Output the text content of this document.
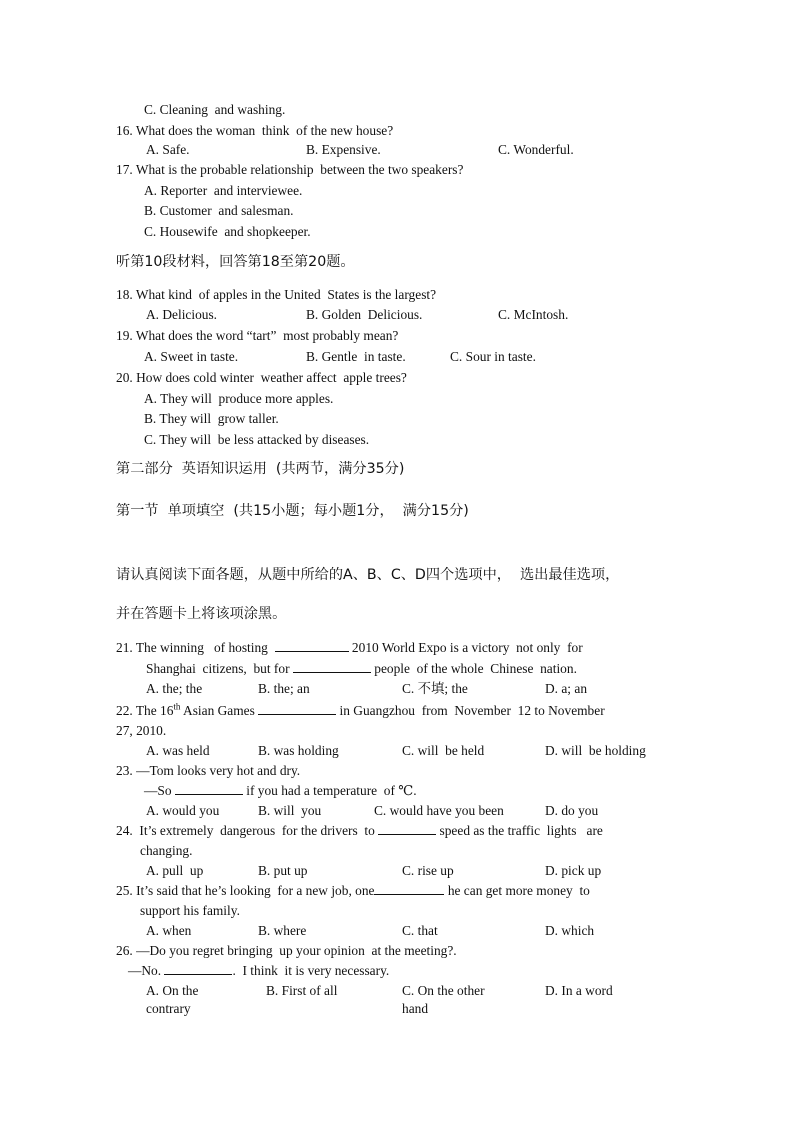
C. Cleaning  and washing.
16. What does the woman  think  of the new house?
A. Safe.	B. Expensive.	C. Wonderful.
17. What is the probable relationship  between the two speakers?
A. Reporter  and interviewee.
B. Customer  and salesman.
C. Housewife  and shopkeeper.
听第10段材料，回答第18至第20题。
18. What kind  of apples in the United  States is the largest?
A. Delicious.	B. Golden  Delicious.	C. McIntosh.
19. What does the word “tart”  most probably mean?
A. Sweet in taste.	B. Gentle  in taste.	C. Sour in taste.
20. How does cold winter  weather affect  apple trees?
A. They will  produce more apples.
B. They will  grow taller.
C. They will  be less attacked by diseases.
第二部分  英语知识运用  (共两节，满分35分)
第一节  单项填空  (共15小题；每小题1分，  满分15分)
请认真阅读下面各题，从题中所给的A、B、C、D四个选项中，  选出最佳选项，
并在答题卡上将该项涂黑。
21. The winning   of hosting	2010 World Expo is a victory  not only  for
Shanghai  citizens,  but for	people  of the whole  Chinese  nation.
A. the; the	B. the; an	C. 不填; the	D. a; an
22. The 16th Asian Games	in Guangzhou  from  November  12 to November
27, 2010.
A. was held	B. was holding	C. will  be held	D. will  be holding
23. —Tom looks very hot and dry.
—So	if you had a temperature  of ℃.
A. would you	B. will  you	C. would have you been	D. do you
24.  It’s extremely  dangerous  for the drivers  to	speed as the traffic  lights   are
changing.
A. pull  up	B. put up	C. rise up	D. pick up
25. It’s said that he’s looking  for a new job, one	he can get more money  to
support his family.
A. when	B. where	C. that	D. which
26. —Do you regret bringing  up your opinion  at the meeting?.
—No.	.  I think  it is very necessary.
A. On the
contrary
B. First of all	C. On the other
hand
D. In a word
